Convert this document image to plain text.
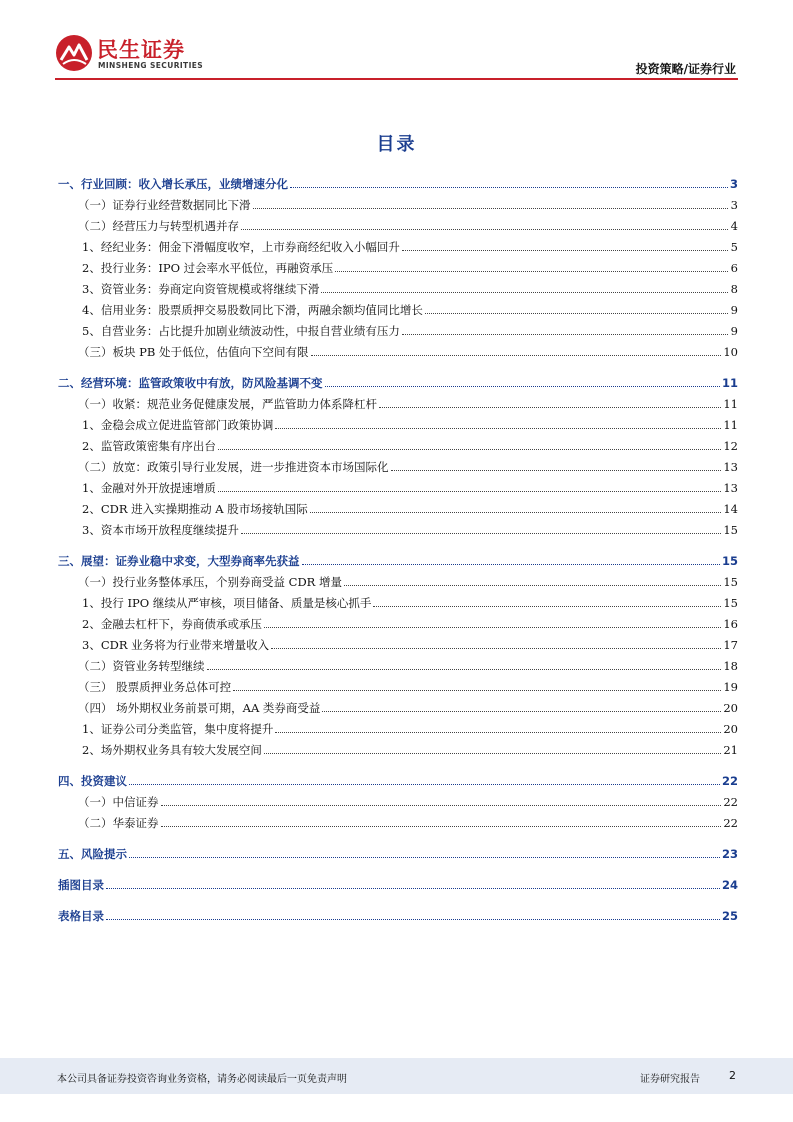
民生证券
MINSHENG SECURITIES	投资策略/证券行业
目录
一、行业回顾：收入增长承压，业绩增速分化	3
（一）证券行业经营数据同比下滑	3
（二）经营压力与转型机遇并存	4
1、经纪业务：佣金下滑幅度收窄，上市券商经纪收入小幅回升	5
2、投行业务：IPO 过会率水平低位，再融资承压	6
3、资管业务：券商定向资管规模或将继续下滑	8
4、信用业务：股票质押交易股数同比下滑，两融余额均值同比增长	9
5、自营业务：占比提升加剧业绩波动性，中报自营业绩有压力	9
（三）板块 PB 处于低位，估值向下空间有限	10
二、经营环境：监管政策收中有放，防风险基调不变	11
（一）收紧：规范业务促健康发展，严监管助力体系降杠杆	11
1、金稳会成立促进监管部门政策协调	11
2、监管政策密集有序出台	12
（二）放宽：政策引导行业发展，进一步推进资本市场国际化	13
1、金融对外开放提速增质	13
2、CDR 进入实操期推动 A 股市场接轨国际	14
3、资本市场开放程度继续提升	15
三、展望：证券业稳中求变，大型券商率先获益	15
（一）投行业务整体承压，个别券商受益 CDR 增量	15
1、投行 IPO 继续从严审核，项目储备、质量是核心抓手	15
2、金融去杠杆下，券商债承或承压	16
3、CDR 业务将为行业带来增量收入	17
（二）资管业务转型继续	18
（三） 股票质押业务总体可控	19
（四） 场外期权业务前景可期，AA 类券商受益	20
1、证券公司分类监管，集中度将提升	20
2、场外期权业务具有较大发展空间	21
四、投资建议	22
（一）中信证券	22
（二）华泰证券	22
五、风险提示	23
插图目录	24
表格目录	25
本公司具备证券投资咨询业务资格，请务必阅读最后一页免责声明	证券研究报告	2
